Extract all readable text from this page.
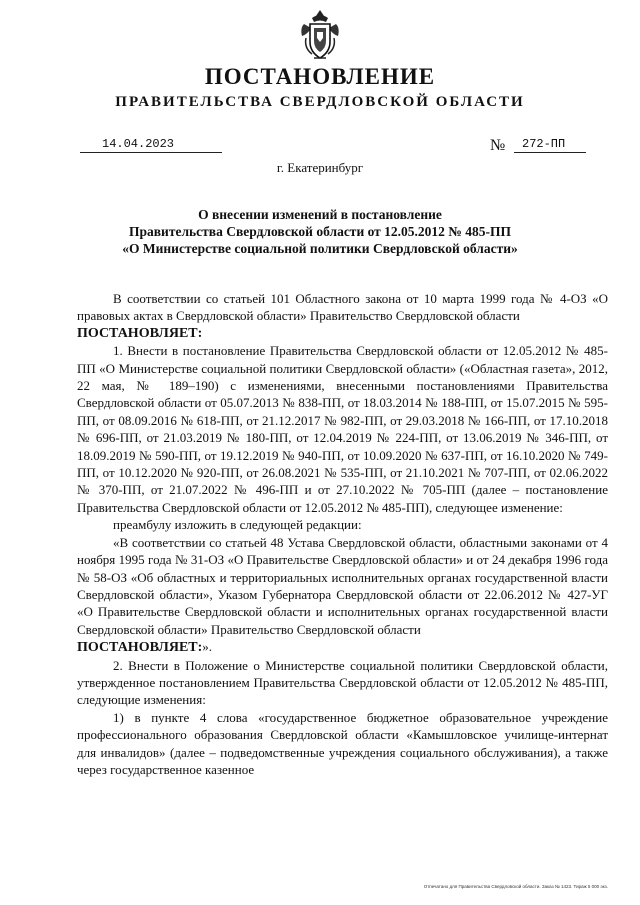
ПОСТАНОВЛЕНИЕ
ПРАВИТЕЛЬСТВА СВЕРДЛОВСКОЙ ОБЛАСТИ
14.04.2023	№ 272-ПП
г. Екатеринбург
О внесении изменений в постановление
Правительства Свердловской области от 12.05.2012 № 485-ПП
«О Министерстве социальной политики Свердловской области»

В соответствии со статьей 101 Областного закона от 10 марта 1999 года № 4-ОЗ «О правовых актах в Свердловской области» Правительство Свердловской области

ПОСТАНОВЛЯЕТ:

1. Внести в постановление Правительства Свердловской области от 12.05.2012 № 485-ПП «О Министерстве социальной политики Свердловской области» («Областная газета», 2012, 22 мая, № 189–190) с изменениями, внесенными постановлениями Правительства Свердловской области от 05.07.2013 № 838-ПП, от 18.03.2014 № 188-ПП, от 15.07.2015 № 595-ПП, от 08.09.2016 № 618-ПП, от 21.12.2017 № 982-ПП, от 29.03.2018 № 166-ПП, от 17.10.2018 № 696-ПП, от 21.03.2019 № 180-ПП, от 12.04.2019 № 224-ПП, от 13.06.2019 № 346-ПП, от 18.09.2019 № 590-ПП, от 19.12.2019 № 940-ПП, от 10.09.2020 № 637-ПП, от 16.10.2020 № 749-ПП, от 10.12.2020 № 920-ПП, от 26.08.2021 № 535-ПП, от 21.10.2021 № 707-ПП, от 02.06.2022 № 370-ПП, от 21.07.2022 № 496-ПП и от 27.10.2022 № 705-ПП (далее – постановление Правительства Свердловской области от 12.05.2012 № 485-ПП), следующее изменение:

преамбулу изложить в следующей редакции:

«В соответствии со статьей 48 Устава Свердловской области, областными законами от 4 ноября 1995 года № 31-ОЗ «О Правительстве Свердловской области» и от 24 декабря 1996 года № 58-ОЗ «Об областных и территориальных исполнительных органах государственной власти Свердловской области», Указом Губернатора Свердловской области от 22.06.2012 № 427-УГ «О Правительстве Свердловской области и исполнительных органах государственной власти Свердловской области» Правительство Свердловской области

ПОСТАНОВЛЯЕТ:».

2. Внести в Положение о Министерстве социальной политики Свердловской области, утвержденное постановлением Правительства Свердловской области от 12.05.2012 № 485-ПП, следующие изменения:

1) в пункте 4 слова «государственное бюджетное образовательное учреждение профессионального образования Свердловской области «Камышловское училище-интернат для инвалидов» (далее – подведомственные учреждения социального обслуживания), а также через государственное казенное

Отпечатано для Правительства Свердловской области. Заказ № 1423. Тираж 5 000 экз.
